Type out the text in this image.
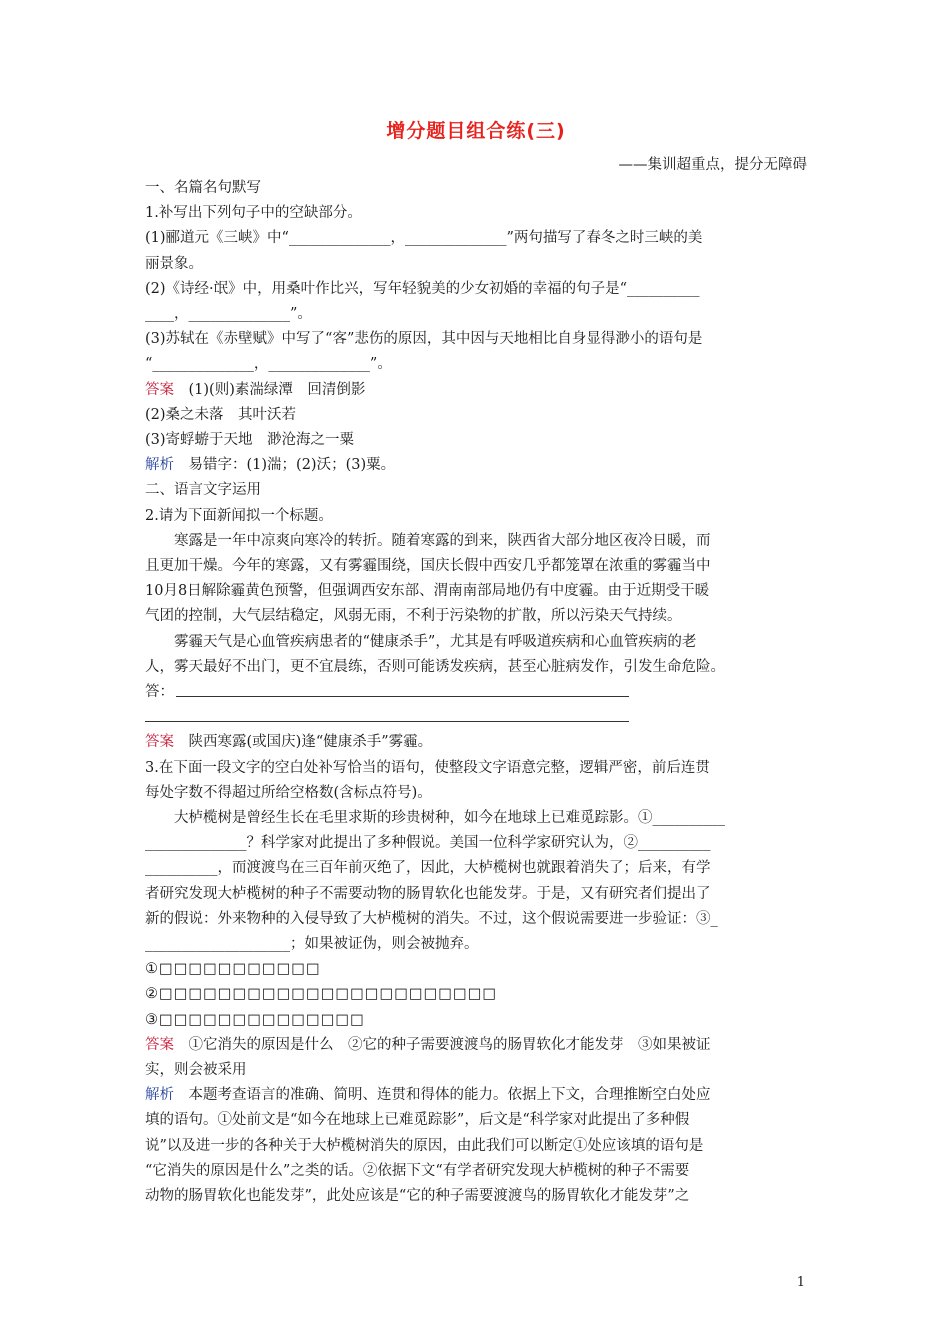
增分题目组合练(三)
——集训超重点，提分无障碍

一、名篇名句默写

1.补写出下列句子中的空缺部分。

(1)郦道元《三峡》中“______________，______________”两句描写了春冬之时三峡的美

丽景象。

(2)《诗经·氓》中，用桑叶作比兴，写年轻貌美的少女初婚的幸福的句子是“__________

____，______________”。

(3)苏轼在《赤壁赋》中写了“客”悲伤的原因，其中因与天地相比自身显得渺小的语句是

“______________，______________”。

答案　(1)(则)素湍绿潭　回清倒影

(2)桑之未落　其叶沃若

(3)寄蜉蝣于天地　渺沧海之一粟

解析　易错字：(1)湍；(2)沃；(3)粟。

二、语言文字运用

2.请为下面新闻拟一个标题。

寒露是一年中凉爽向寒冷的转折。随着寒露的到来，陕西省大部分地区夜冷日暖，而

且更加干燥。今年的寒露，又有雾霾围绕，国庆长假中西安几乎都笼罩在浓重的雾霾当中

10月8日解除霾黄色预警，但强调西安东部、渭南南部局地仍有中度霾。由于近期受干暖

气团的控制，大气层结稳定，风弱无雨，不利于污染物的扩散，所以污染天气持续。

雾霾天气是心血管疾病患者的“健康杀手”，尤其是有呼吸道疾病和心血管疾病的老

人，雾天最好不出门，更不宜晨练，否则可能诱发疾病，甚至心脏病发作，引发生命危险。

答：

答案　陕西寒露(或国庆)逢“健康杀手”雾霾。

3.在下面一段文字的空白处补写恰当的语句，使整段文字语意完整，逻辑严密，前后连贯

每处字数不得超过所给空格数(含标点符号)。

大栌榄树是曾经生长在毛里求斯的珍贵树种，如今在地球上已难觅踪影。①__________

______________？科学家对此提出了多种假说。美国一位科学家研究认为，②__________

__________，而渡渡鸟在三百年前灭绝了，因此，大栌榄树也就跟着消失了；后来，有学

者研究发现大栌榄树的种子不需要动物的肠胃软化也能发芽。于是，又有研究者们提出了

新的假说：外来物种的入侵导致了大栌榄树的消失。不过，这个假说需要进一步验证：③_

____________________；如果被证伪，则会被抛弃。

①□□□□□□□□□□□

②□□□□□□□□□□□□□□□□□□□□□□□

③□□□□□□□□□□□□□□

答案　①它消失的原因是什么　②它的种子需要渡渡鸟的肠胃软化才能发芽　③如果被证

实，则会被采用

解析　本题考查语言的准确、简明、连贯和得体的能力。依据上下文，合理推断空白处应

填的语句。①处前文是“如今在地球上已难觅踪影”，后文是“科学家对此提出了多种假

说”以及进一步的各种关于大栌榄树消失的原因，由此我们可以断定①处应该填的语句是

“它消失的原因是什么”之类的话。②依据下文“有学者研究发现大栌榄树的种子不需要

动物的肠胃软化也能发芽”，此处应该是“它的种子需要渡渡鸟的肠胃软化才能发芽”之

1
